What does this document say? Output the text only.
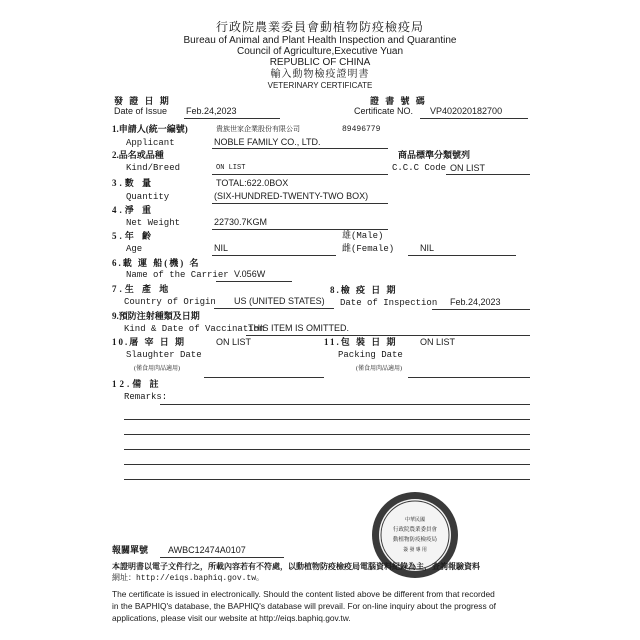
行政院農業委員會動植物防疫檢疫局
Bureau of Animal and Plant Health Inspection and Quarantine
Council of Agriculture,Executive Yuan
REPUBLIC OF CHINA
輸入動物檢疫證明書
VETERINARY CERTIFICATE
發 證 日 期
Date of Issue Feb.24,2023
證 書 號 碼
Certificate NO. VP402020182700
1.申請人(統一編號)	貴族世家企業股份有限公司	89496779
Applicant	NOBLE FAMILY CO., LTD.
2.品名或品種
Kind/Breed	ON LIST
商品標準分類號列
C.C.C Code ON LIST
3.數 量	TOTAL:622.0BOX
Quantity	(SIX-HUNDRED-TWENTY-TWO BOX)
4.淨 重
Net Weight	22730.7KGM
5.年 齡
Age	NIL
雄(Male)
雌(Female)	NIL
6.載 運 船(機) 名
Name of the Carrier V.056W
7.生 產 地
Country of Origin US (UNITED STATES)
8.檢 疫 日 期
Date of Inspection Feb.24,2023
9.預防注射種類及日期
Kind & Date of Vaccination
THIS ITEM IS OMITTED.
10.屠 宰 日 期	ON LIST
Slaughter Date
(僅食用肉品適用)
11.包 裝 日 期 ON LIST
Packing Date
(僅食用肉品適用)
12.備 註
Remarks:
中華民國
行政院農業委員會
動植物防疫檢疫局
簽 發 專 用
報關單號 AWBC12474A0107
本證明書以電子文件行之，所載內容若有不符處，以動植物防疫檢疫局電腦資料紀錄為主，查詢報驗資料
網址：http://eiqs.baphiq.gov.tw。
The certificate is issued in electronically. Should the content listed above be different from that recorded
in the BAPHIQ's database, the BAPHIQ's database will prevail. For on-line inquiry about the progress of
applications, please visit our website at http://eiqs.baphiq.gov.tw.
